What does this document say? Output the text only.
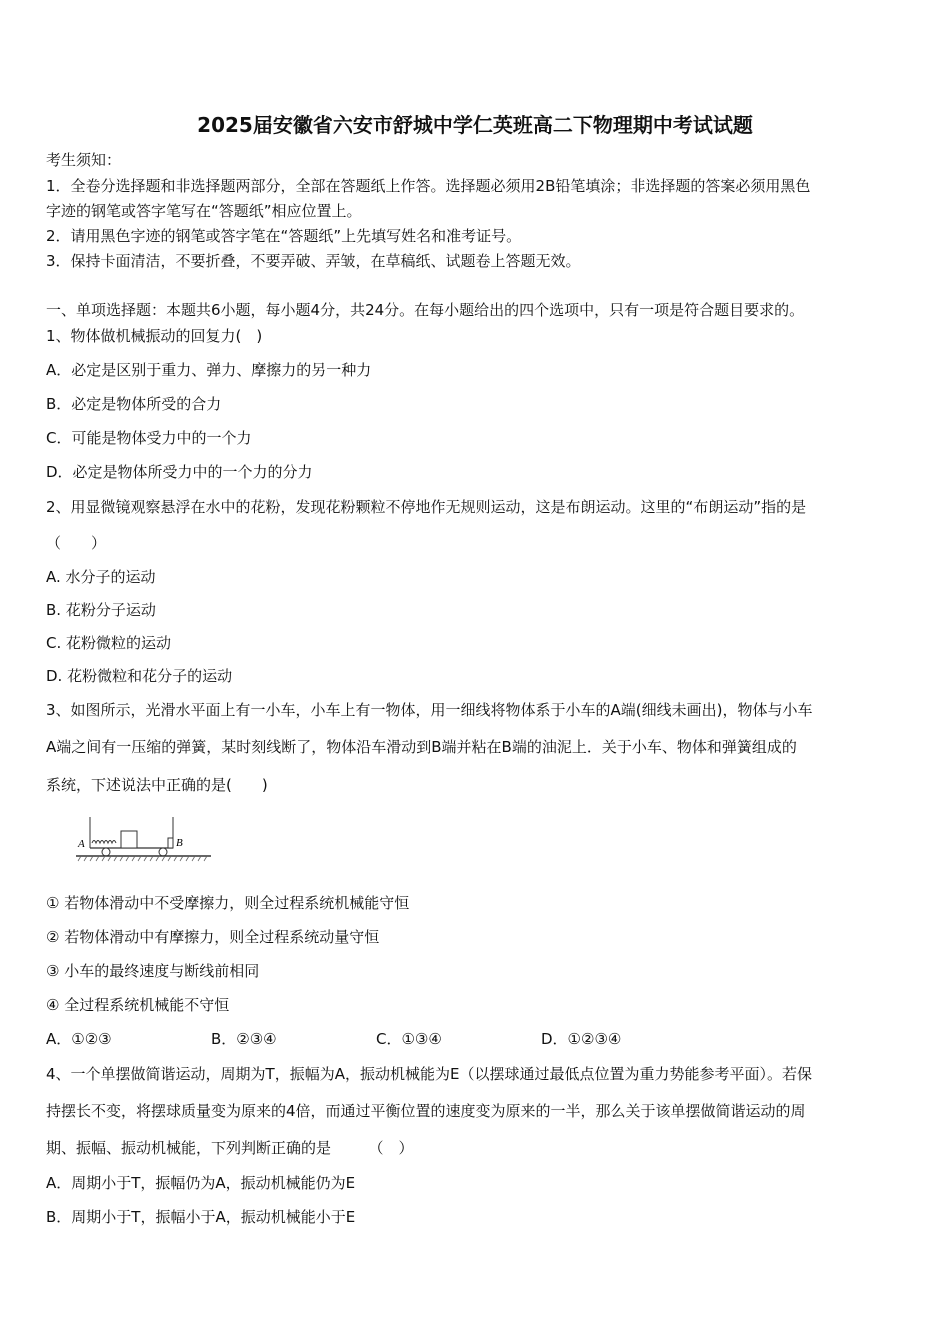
2025届安徽省六安市舒城中学仁英班高二下物理期中考试试题
考生须知：
1．全卷分选择题和非选择题两部分，全部在答题纸上作答。选择题必须用2B铅笔填涂；非选择题的答案必须用黑色
字迹的钢笔或答字笔写在“答题纸”相应位置上。
2．请用黑色字迹的钢笔或答字笔在“答题纸”上先填写姓名和准考证号。
3．保持卡面清洁，不要折叠，不要弄破、弄皱，在草稿纸、试题卷上答题无效。
一、单项选择题：本题共6小题，每小题4分，共24分。在每小题给出的四个选项中，只有一项是符合题目要求的。
1、物体做机械振动的回复力(　)
A．必定是区别于重力、弹力、摩擦力的另一种力
B．必定是物体所受的合力
C．可能是物体受力中的一个力
D．必定是物体所受力中的一个力的分力
2、用显微镜观察悬浮在水中的花粉，发现花粉颗粒不停地作无规则运动，这是布朗运动。这里的“布朗运动”指的是
（　　）
A. 水分子的运动
B. 花粉分子运动
C. 花粉微粒的运动
D. 花粉微粒和花分子的运动
3、如图所示，光滑水平面上有一小车，小车上有一物体，用一细线将物体系于小车的A端(细线未画出)，物体与小车
A端之间有一压缩的弹簧，某时刻线断了，物体沿车滑动到B端并粘在B端的油泥上．关于小车、物体和弹簧组成的
系统，下述说法中正确的是(　　)
A	B
① 若物体滑动中不受摩擦力，则全过程系统机械能守恒
② 若物体滑动中有摩擦力，则全过程系统动量守恒
③ 小车的最终速度与断线前相同
④ 全过程系统机械能不守恒
A．①②③	B．②③④	C．①③④	D．①②③④
4、一个单摆做简谐运动，周期为T，振幅为A，振动机械能为E（以摆球通过最低点位置为重力势能参考平面）。若保
持摆长不变，将摆球质量变为原来的4倍，而通过平衡位置的速度变为原来的一半，那么关于该单摆做简谐运动的周
期、振幅、振动机械能，下列判断正确的是　　　（　）
A．周期小于T，振幅仍为A，振动机械能仍为E
B．周期小于T，振幅小于A，振动机械能小于E
